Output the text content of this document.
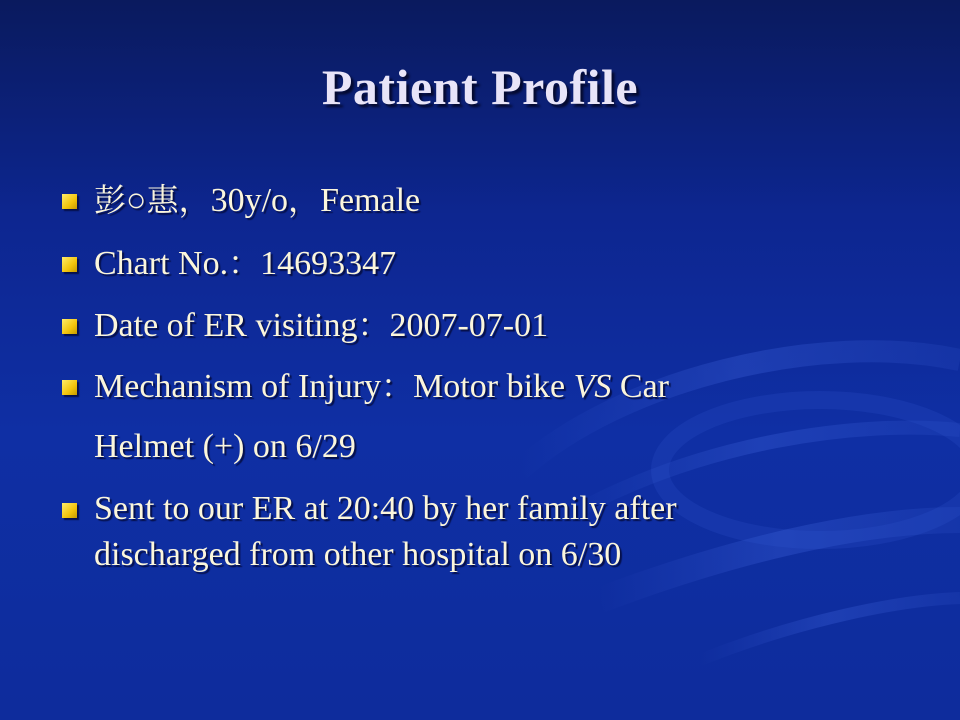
Patient Profile
彭○惠，30y/o，Female
Chart No.：14693347
Date of ER visiting：2007-07-01
Mechanism of Injury：Motor bike VS Car
Helmet (+) on 6/29
Sent to our ER at 20:40 by her family after
discharged from other hospital on 6/30
